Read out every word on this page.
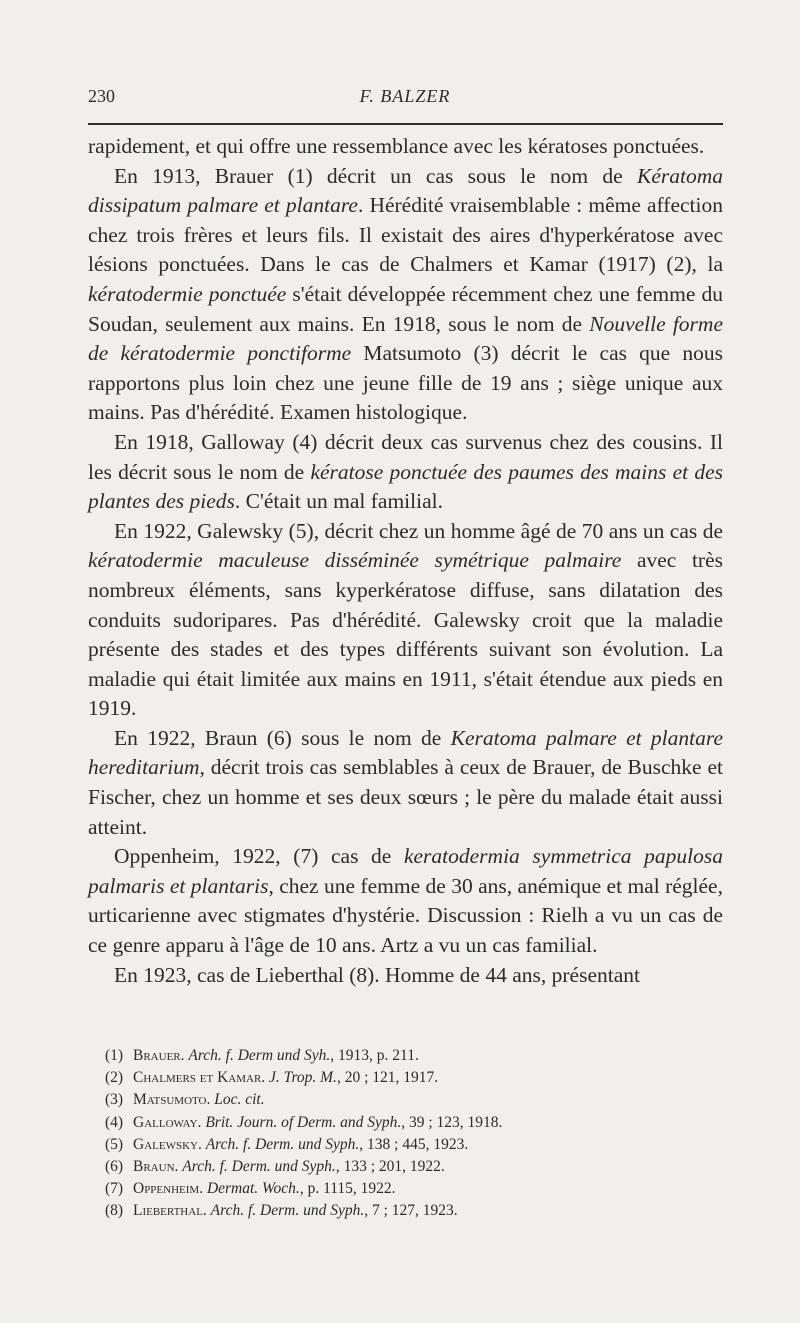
230	F. BALZER

rapidement, et qui offre une ressemblance avec les kératoses ponctuées.

En 1913, Brauer (1) décrit un cas sous le nom de Kératoma dissipatum palmare et plantare. Hérédité vraisemblable : même affection chez trois frères et leurs fils. Il existait des aires d'hyperkératose avec lésions ponctuées. Dans le cas de Chalmers et Kamar (1917) (2), la kératodermie ponctuée s'était développée récemment chez une femme du Soudan, seulement aux mains. En 1918, sous le nom de Nouvelle forme de kératodermie ponctiforme Matsumoto (3) décrit le cas que nous rapportons plus loin chez une jeune fille de 19 ans ; siège unique aux mains. Pas d'hérédité. Examen histologique.

En 1918, Galloway (4) décrit deux cas survenus chez des cousins. Il les décrit sous le nom de kératose ponctuée des paumes des mains et des plantes des pieds. C'était un mal familial.

En 1922, Galewsky (5), décrit chez un homme âgé de 70 ans un cas de kératodermie maculeuse disséminée symétrique palmaire avec très nombreux éléments, sans kyperkératose diffuse, sans dilatation des conduits sudoripares. Pas d'hérédité. Galewsky croit que la maladie présente des stades et des types différents suivant son évolution. La maladie qui était limitée aux mains en 1911, s'était étendue aux pieds en 1919.

En 1922, Braun (6) sous le nom de Keratoma palmare et plantare hereditarium, décrit trois cas semblables à ceux de Brauer, de Buschke et Fischer, chez un homme et ses deux sœurs ; le père du malade était aussi atteint.

Oppenheim, 1922, (7) cas de keratodermia symmetrica papulosa palmaris et plantaris, chez une femme de 30 ans, anémique et mal réglée, urticarienne avec stigmates d'hystérie. Discussion : Rielh a vu un cas de ce genre apparu à l'âge de 10 ans. Artz a vu un cas familial.

En 1923, cas de Lieberthal (8). Homme de 44 ans, présentant

(1) Brauer. Arch. f. Derm und Syh., 1913, p. 211.
(2) Chalmers et Kamar. J. Trop. M., 20 ; 121, 1917.
(3) Matsumoto. Loc. cit.
(4) Galloway. Brit. Journ. of Derm. and Syph., 39 ; 123, 1918.
(5) Galewsky. Arch. f. Derm. und Syph., 138 ; 445, 1923.
(6) Braun. Arch. f. Derm. und Syph., 133 ; 201, 1922.
(7) Oppenheim. Dermat. Woch., p. 1115, 1922.
(8) Lieberthal. Arch. f. Derm. und Syph., 7 ; 127, 1923.
